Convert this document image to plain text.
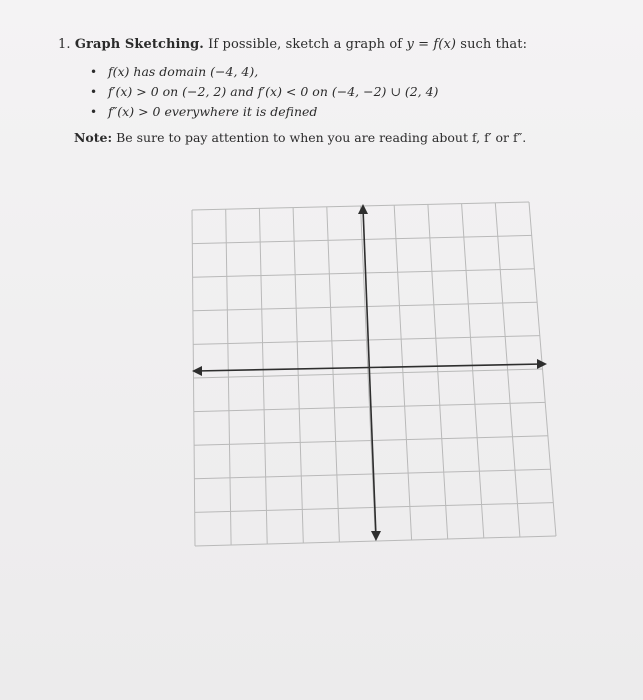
1. Graph Sketching. If possible, sketch a graph of y = f(x) such that:
• f(x) has domain (−4, 4),
• f′(x) > 0 on (−2, 2) and f′(x) < 0 on (−4, −2) ∪ (2, 4)
• f″(x) > 0 everywhere it is defined
Note: Be sure to pay attention to when you are reading about f, f′ or f″.
